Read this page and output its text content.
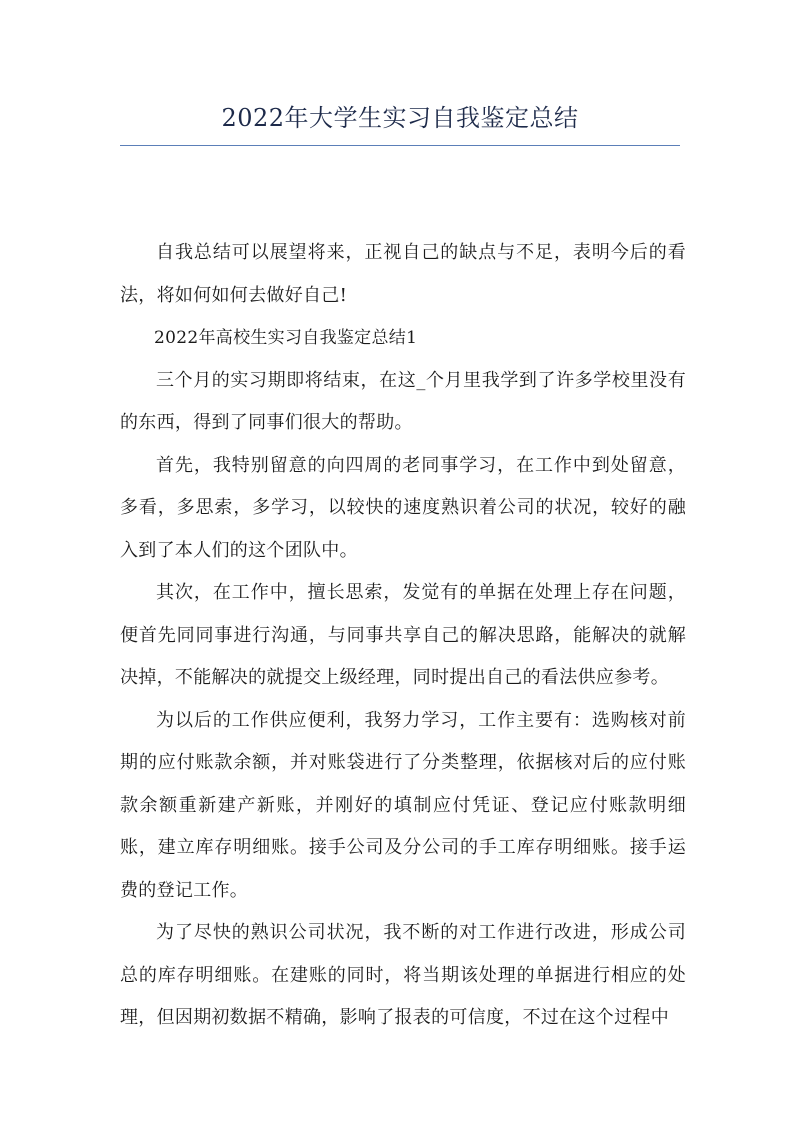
2022年大学生实习自我鉴定总结

自我总结可以展望将来，正视自己的缺点与不足，表明今后的看法，将如何如何去做好自己!

2022年高校生实习自我鉴定总结1

三个月的实习期即将结束，在这_个月里我学到了许多学校里没有的东西，得到了同事们很大的帮助。

首先，我特别留意的向四周的老同事学习，在工作中到处留意，多看，多思索，多学习，以较快的速度熟识着公司的状况，较好的融入到了本人们的这个团队中。

其次，在工作中，擅长思索，发觉有的单据在处理上存在问题，便首先同同事进行沟通，与同事共享自己的解决思路，能解决的就解决掉，不能解决的就提交上级经理，同时提出自己的看法供应参考。

为以后的工作供应便利，我努力学习，工作主要有：选购核对前期的应付账款余额，并对账袋进行了分类整理，依据核对后的应付账款余额重新建产新账，并刚好的填制应付凭证、登记应付账款明细账，建立库存明细账。接手公司及分公司的手工库存明细账。接手运费的登记工作。

为了尽快的熟识公司状况，我不断的对工作进行改进，形成公司总的库存明细账。在建账的同时，将当期该处理的单据进行相应的处理，但因期初数据不精确，影响了报表的可信度，不过在这个过程中
